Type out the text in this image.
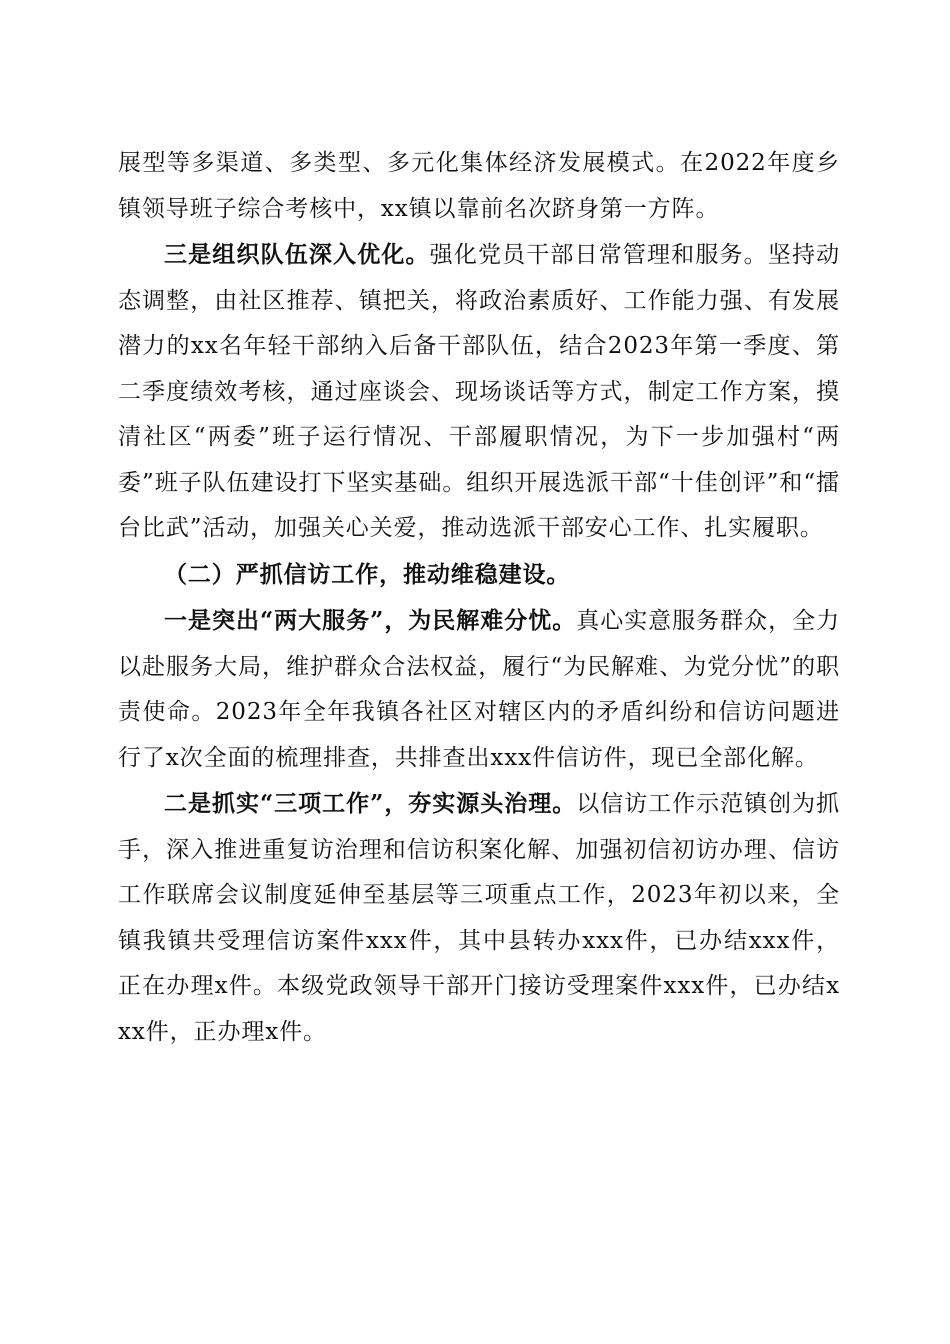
展型等多渠道、多类型、多元化集体经济发展模式。在2022年度乡镇领导班子综合考核中，xx镇以靠前名次跻身第一方阵。

三是组织队伍深入优化。强化党员干部日常管理和服务。坚持动态调整，由社区推荐、镇把关，将政治素质好、工作能力强、有发展潜力的xx名年轻干部纳入后备干部队伍，结合2023年第一季度、第二季度绩效考核，通过座谈会、现场谈话等方式，制定工作方案，摸清社区“两委”班子运行情况、干部履职情况，为下一步加强村“两委”班子队伍建设打下坚实基础。组织开展选派干部“十佳创评”和“擂台比武”活动，加强关心关爱，推动选派干部安心工作、扎实履职。

（二）严抓信访工作，推动维稳建设。

一是突出“两大服务”，为民解难分忧。真心实意服务群众，全力以赴服务大局，维护群众合法权益，履行“为民解难、为党分忧”的职责使命。2023年全年我镇各社区对辖区内的矛盾纠纷和信访问题进行了x次全面的梳理排查，共排查出xxx件信访件，现已全部化解。

二是抓实“三项工作”，夯实源头治理。以信访工作示范镇创为抓手，深入推进重复访治理和信访积案化解、加强初信初访办理、信访工作联席会议制度延伸至基层等三项重点工作，2023年初以来，全镇我镇共受理信访案件xxx件，其中县转办xxx件，已办结xxx件，正在办理x件。本级党政领导干部开门接访受理案件xxx件，已办结xxx件，正办理x件。
